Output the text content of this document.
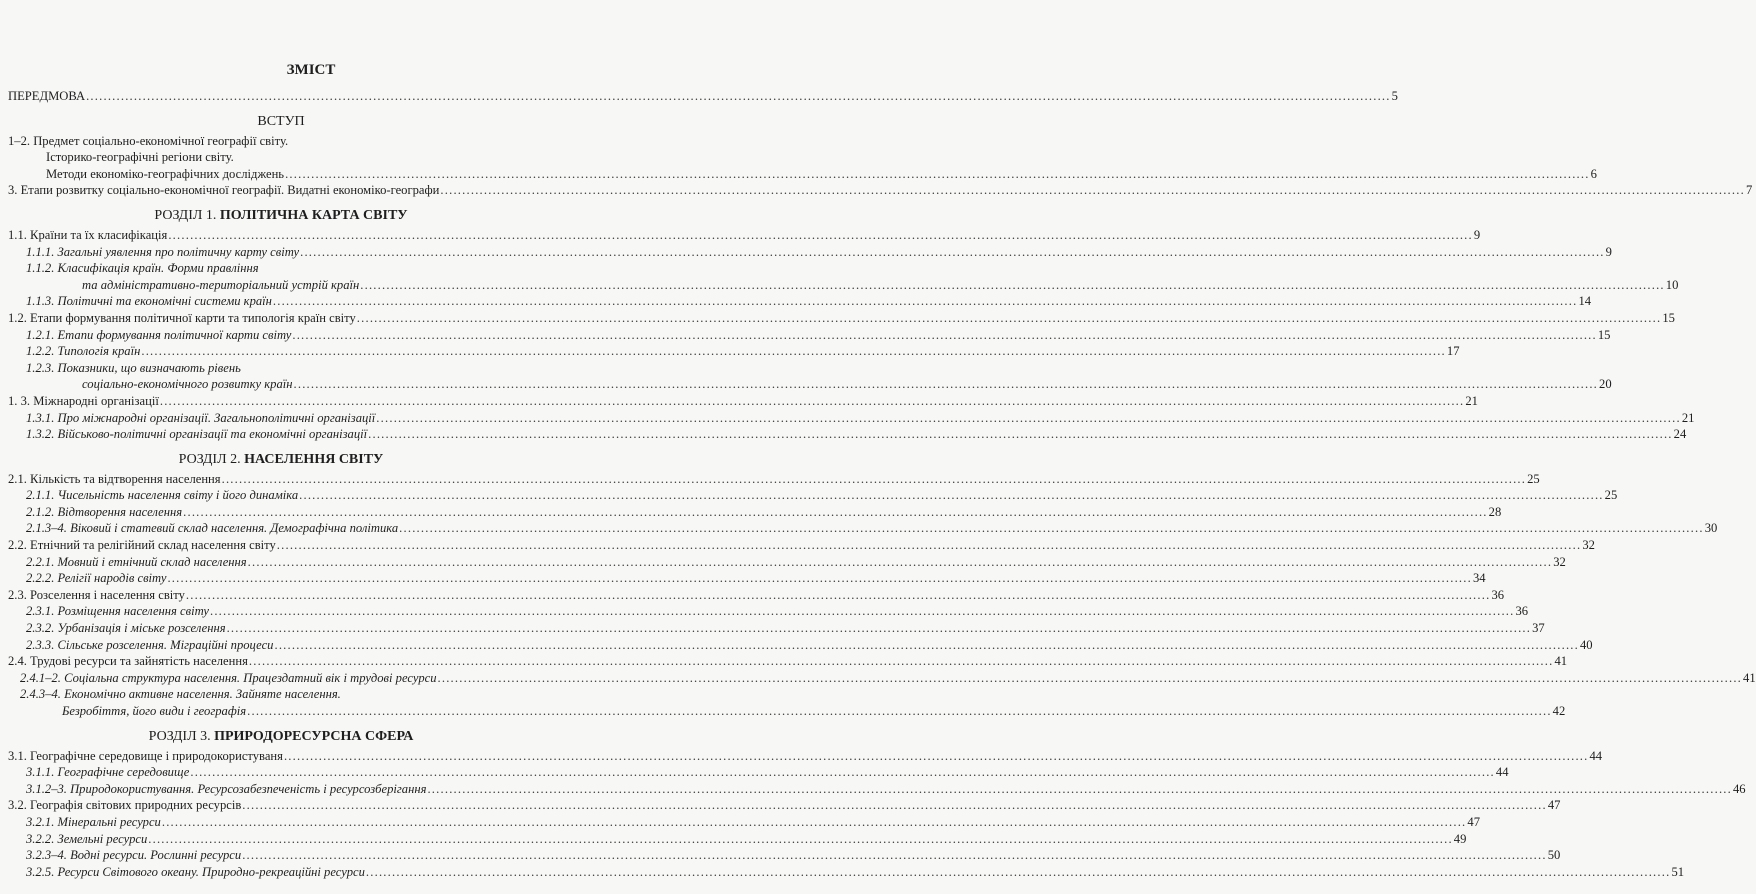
ЗМІСТ
ПЕРЕДМОВА ............................................................................................................................................................................................................................................................................................................ 5
ВСТУП
1–2. Предмет соціально-економічної географії світу.
Історико-географічні регіони світу.
Методи економіко-географічних досліджень ............................................................................................................................................................................................................................................................................................................ 6
3. Етапи розвитку соціально-економічної географії. Видатні економіко-географи ............................................................................................................................................................................................................................................................................................................ 7
РОЗДІЛ 1. ПОЛІТИЧНА КАРТА СВІТУ
1.1. Країни та їх класифікація ............................................................................................................................................................................................................................................................................................................ 9
1.1.1. Загальні уявлення про політичну карту світу ............................................................................................................................................................................................................................................................................................................ 9
1.1.2. Класифікація країн. Форми правління
та адміністративно-територіальний устрій країн ............................................................................................................................................................................................................................................................................................................ 10
1.1.3. Політичні та економічні системи країн ............................................................................................................................................................................................................................................................................................................ 14
1.2. Етапи формування політичної карти та типологія країн світу ............................................................................................................................................................................................................................................................................................................ 15
1.2.1. Етапи формування політичної карти світу ............................................................................................................................................................................................................................................................................................................ 15
1.2.2. Типологія країн ............................................................................................................................................................................................................................................................................................................ 17
1.2.3. Показники, що визначають рівень
соціально-економічного розвитку країн ............................................................................................................................................................................................................................................................................................................ 20
1. 3. Міжнародні організації ............................................................................................................................................................................................................................................................................................................ 21
1.3.1. Про міжнародні організації. Загальнополітичні організації ............................................................................................................................................................................................................................................................................................................ 21
1.3.2. Військово-політичні організації та економічні організації ............................................................................................................................................................................................................................................................................................................ 24
РОЗДІЛ 2. НАСЕЛЕННЯ СВІТУ
2.1. Кількість та відтворення населення ............................................................................................................................................................................................................................................................................................................ 25
2.1.1. Чисельність населення світу і його динаміка ............................................................................................................................................................................................................................................................................................................ 25
2.1.2. Відтворення населення ............................................................................................................................................................................................................................................................................................................ 28
2.1.3–4. Віковий і статевий склад населення. Демографічна політика ............................................................................................................................................................................................................................................................................................................ 30
2.2. Етнічний та релігійний склад населення світу ............................................................................................................................................................................................................................................................................................................ 32
2.2.1. Мовний і етнічний склад населення ............................................................................................................................................................................................................................................................................................................ 32
2.2.2. Релігії народів світу ............................................................................................................................................................................................................................................................................................................ 34
2.3. Розселення і населення світу ............................................................................................................................................................................................................................................................................................................ 36
2.3.1. Розміщення населення світу ............................................................................................................................................................................................................................................................................................................ 36
2.3.2. Урбанізація і міське розселення ............................................................................................................................................................................................................................................................................................................ 37
2.3.3. Сільське розселення. Міграційні процеси ............................................................................................................................................................................................................................................................................................................ 40
2.4. Трудові ресурси та зайнятість населення ............................................................................................................................................................................................................................................................................................................ 41
2.4.1–2. Соціальна структура населення. Працездатний вік і трудові ресурси ............................................................................................................................................................................................................................................................................................................ 41
2.4.3–4. Економічно активне населення. Зайняте населення.
Безробіття, його види і географія ............................................................................................................................................................................................................................................................................................................ 42
РОЗДІЛ 3. ПРИРОДОРЕСУРСНА СФЕРА
3.1. Географічне середовище і природокористуваня ............................................................................................................................................................................................................................................................................................................ 44
3.1.1. Географічне середовище ............................................................................................................................................................................................................................................................................................................ 44
3.1.2–3. Природокористування. Ресурсозабезпеченість і ресурсозберігання ............................................................................................................................................................................................................................................................................................................ 46
3.2. Географія світових природних ресурсів ............................................................................................................................................................................................................................................................................................................ 47
3.2.1. Мінеральні ресурси ............................................................................................................................................................................................................................................................................................................ 47
3.2.2. Земельні ресурси ............................................................................................................................................................................................................................................................................................................ 49
3.2.3–4. Водні ресурси. Рослинні ресурси ............................................................................................................................................................................................................................................................................................................ 50
3.2.5. Ресурси Світового океану. Природно-рекреаційні ресурси ............................................................................................................................................................................................................................................................................................................ 51
